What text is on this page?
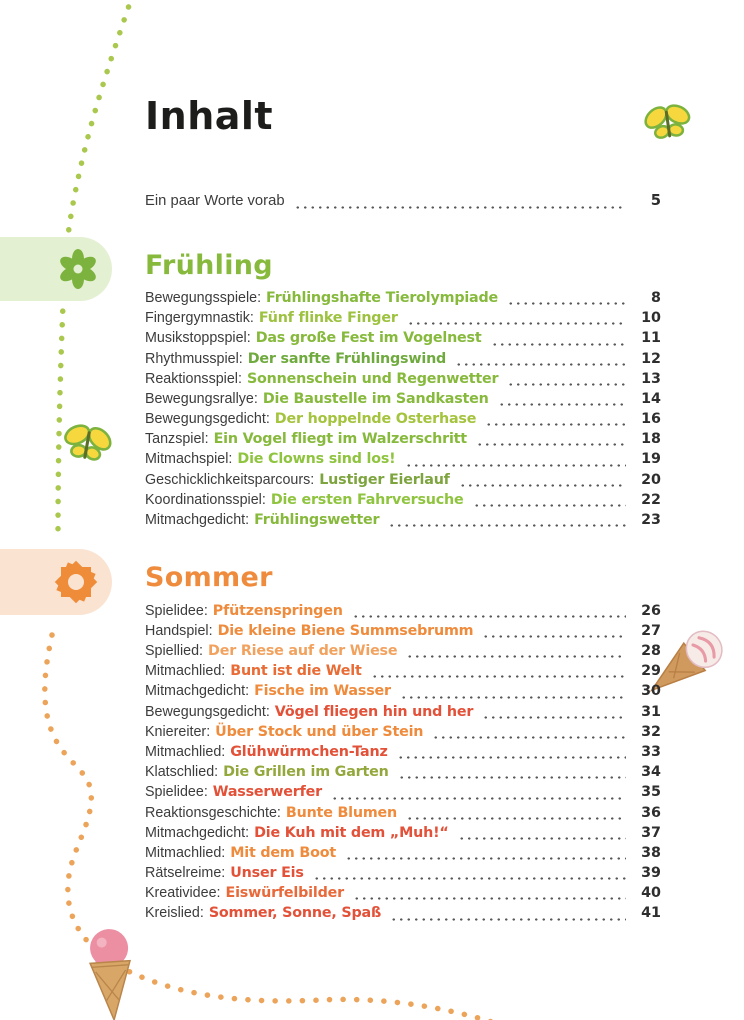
Inhalt
Ein paar Worte vorab	5
Frühling
Bewegungsspiele: Frühlingshafte Tierolympiade	8
Fingergymnastik: Fünf flinke Finger	10
Musikstoppspiel: Das große Fest im Vogelnest	11
Rhythmusspiel: Der sanfte Frühlingswind	12
Reaktionsspiel: Sonnenschein und Regenwetter	13
Bewegungsrallye: Die Baustelle im Sandkasten	14
Bewegungsgedicht: Der hoppelnde Osterhase	16
Tanzspiel: Ein Vogel fliegt im Walzerschritt	18
Mitmachspiel: Die Clowns sind los!	19
Geschicklichkeitsparcours: Lustiger Eierlauf	20
Koordinationsspiel: Die ersten Fahrversuche	22
Mitmachgedicht: Frühlingswetter	23
Sommer
Spielidee: Pfützenspringen	26
Handspiel: Die kleine Biene Summsebrumm	27
Spiellied: Der Riese auf der Wiese	28
Mitmachlied: Bunt ist die Welt	29
Mitmachgedicht: Fische im Wasser	30
Bewegungsgedicht: Vögel fliegen hin und her	31
Kniereiter: Über Stock und über Stein	32
Mitmachlied: Glühwürmchen-Tanz	33
Klatschlied: Die Grillen im Garten	34
Spielidee: Wasserwerfer	35
Reaktionsgeschichte: Bunte Blumen	36
Mitmachgedicht: Die Kuh mit dem „Muh!“	37
Mitmachlied: Mit dem Boot	38
Rätselreime: Unser Eis	39
Kreatividee: Eiswürfelbilder	40
Kreislied: Sommer, Sonne, Spaß	41
